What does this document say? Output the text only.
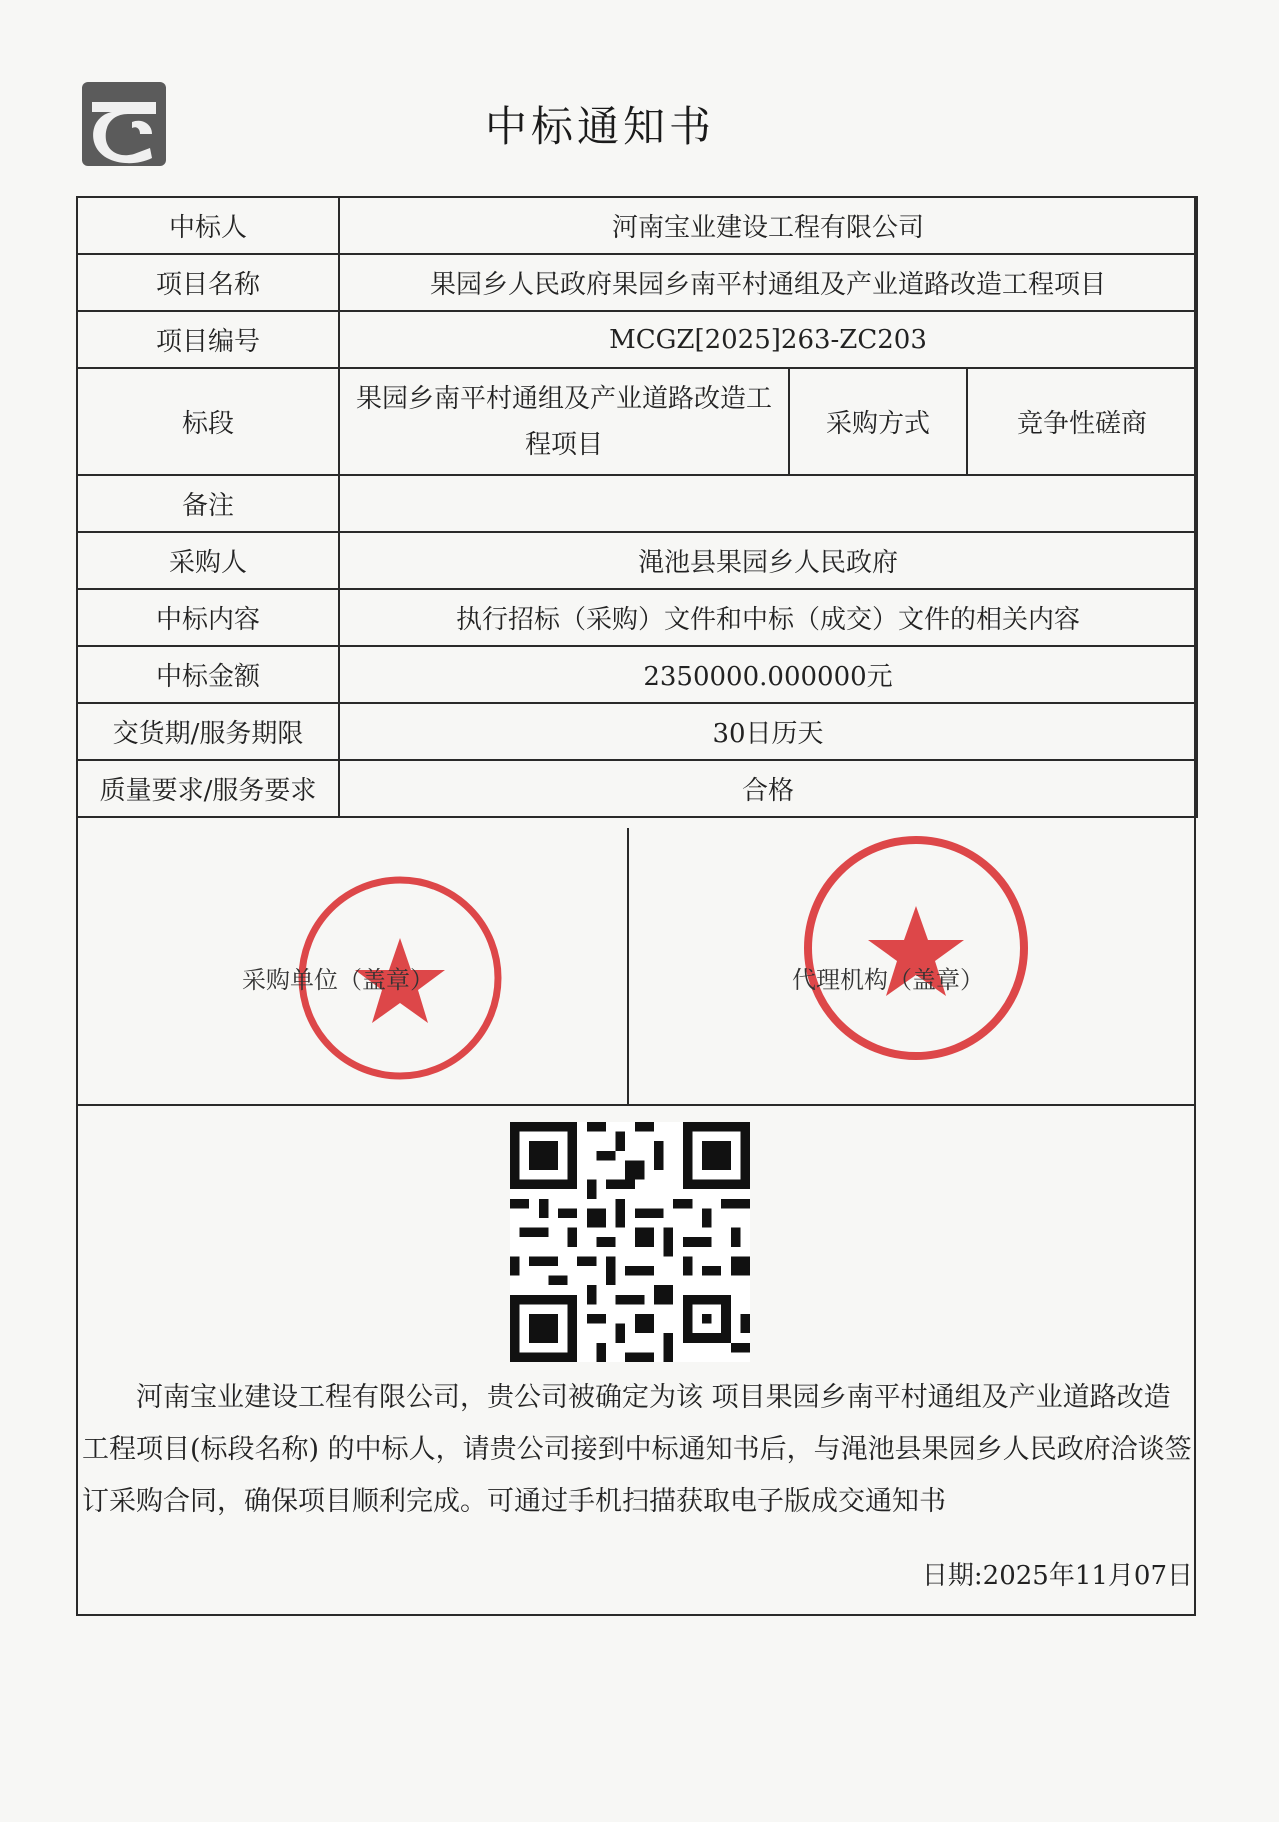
中标通知书
中标人	河南宝业建设工程有限公司		
项目名称	果园乡人民政府果园乡南平村通组及产业道路改造工程项目		
项目编号	MCGZ[2025]263-ZC203		
标段	果园乡南平村通组及产业道路改造工程项目	采购方式	竞争性磋商
备注			
采购人	渑池县果园乡人民政府		
中标内容	执行招标（采购）文件和中标（成交）文件的相关内容		
中标金额	2350000.000000元		
交货期/服务期限	30日历天		
质量要求/服务要求	合格		
采购单位（盖章）	代理机构（盖章）

河南宝业建设工程有限公司，贵公司被确定为该 项目果园乡南平村通组及产业道路改造工程项目(标段名称) 的中标人，请贵公司接到中标通知书后，与渑池县果园乡人民政府洽谈签订采购合同，确保项目顺利完成。可通过手机扫描获取电子版成交通知书

日期:2025年11月07日
